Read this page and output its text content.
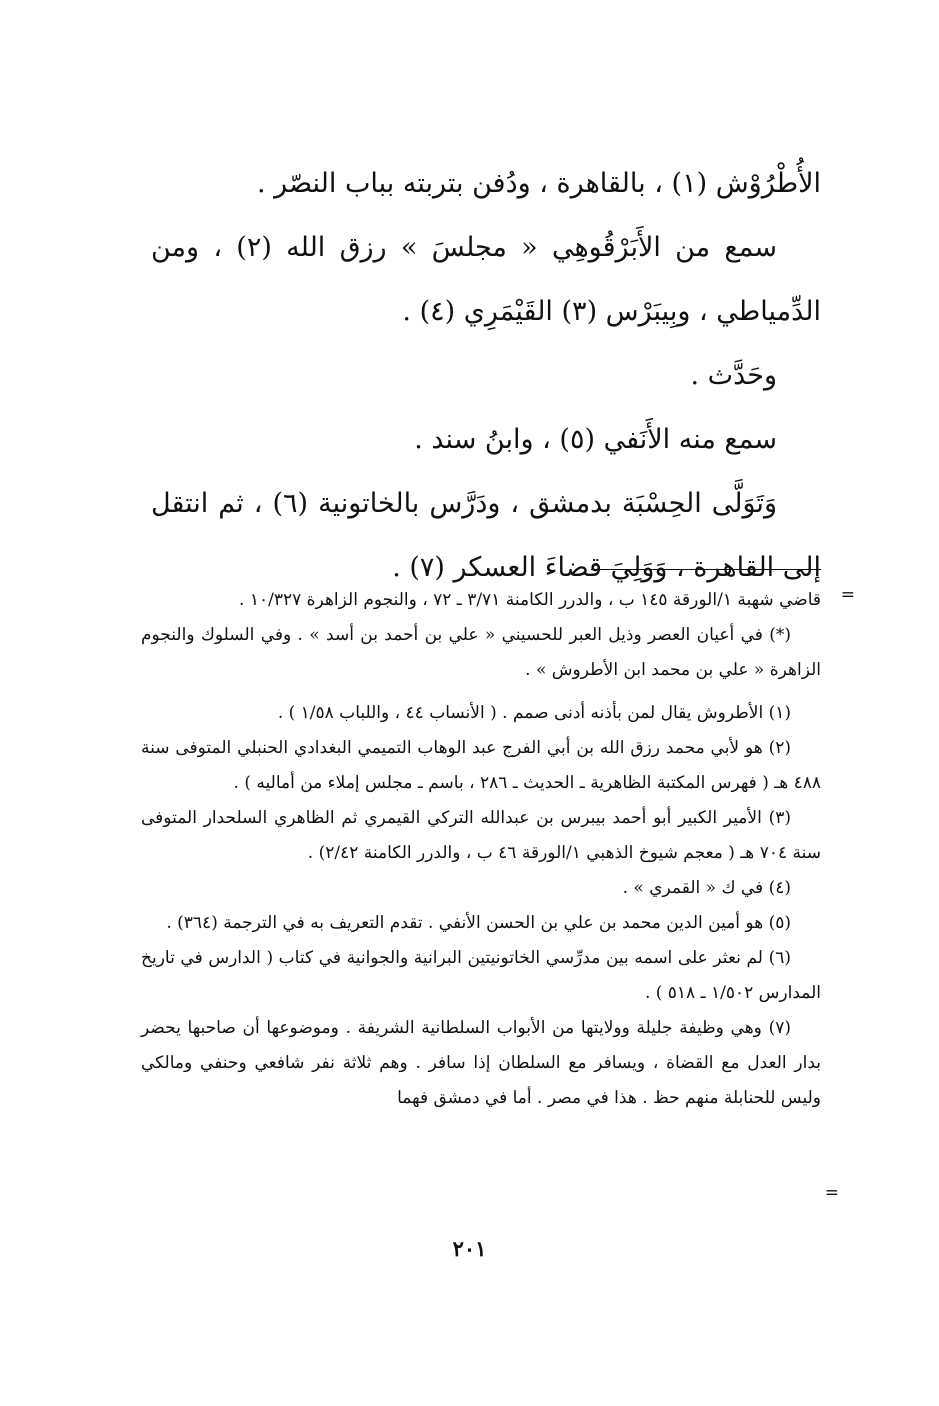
الأُطْرُوْش (١) ، بالقاهرة ، ودُفن بتربته بباب النصّر .

سمع من الأَبَرْقُوهِي « مجلسَ » رزق الله (٢) ، ومن الدِّمياطي ، وبِيبَرْس (٣) القَيْمَرِي (٤) .

وحَدَّث .

سمع منه الأَنَفي (٥) ، وابنُ سند .

وَتَوَلَّى الحِسْبَة بدمشق ، ودَرَّس بالخاتونية (٦) ، ثم انتقل إلى القاهرة ، وَوَلِيَ قضاءَ العسكر (٧) .

=

قاضي شهبة ١/الورقة ١٤٥ ب ، والدرر الكامنة ٣/٧١ ـ ٧٢ ، والنجوم الزاهرة ١٠/٣٢٧ .

(*) في أعيان العصر وذيل العبر للحسيني « علي بن أحمد بن أسد » . وفي السلوك والنجوم الزاهرة « علي بن محمد ابن الأطروش » .

(١) الأطروش يقال لمن بأذنه أدنى صمم . ( الأنساب ٤٤ ، واللباب ١/٥٨ ) .

(٢) هو لأبي محمد رزق الله بن أبي الفرج عبد الوهاب التميمي البغدادي الحنبلي المتوفى سنة ٤٨٨ هـ ( فهرس المكتبة الظاهرية ـ الحديث ـ ٢٨٦ ، باسم ـ مجلس إملاء من أماليه ) .

(٣) الأمير الكبير أبو أحمد بيبرس بن عبدالله التركي القيمري ثم الظاهري السلحدار المتوفى سنة ٧٠٤ هـ ( معجم شيوخ الذهبي ١/الورقة ٤٦ ب ، والدرر الكامنة ٢/٤٢) .

(٤) في ك « القمري » .

(٥) هو أمين الدين محمد بن علي بن الحسن الأنفي . تقدم التعريف به في الترجمة (٣٦٤) .

(٦) لم نعثر على اسمه بين مدرِّسي الخاتونيتين البرانية والجوانية في كتاب ( الدارس في تاريخ المدارس ١/٥٠٢ ـ ٥١٨ ) .

(٧) وهي وظيفة جليلة وولايتها من الأبواب السلطانية الشريفة . وموضوعها أن صاحبها يحضر بدار العدل مع القضاة ، ويسافر مع السلطان إذا سافر . وهم ثلاثة نفر شافعي وحنفي ومالكي وليس للحنابلة منهم حظ . هذا في مصر . أما في دمشق فهما

=
٢٠١
